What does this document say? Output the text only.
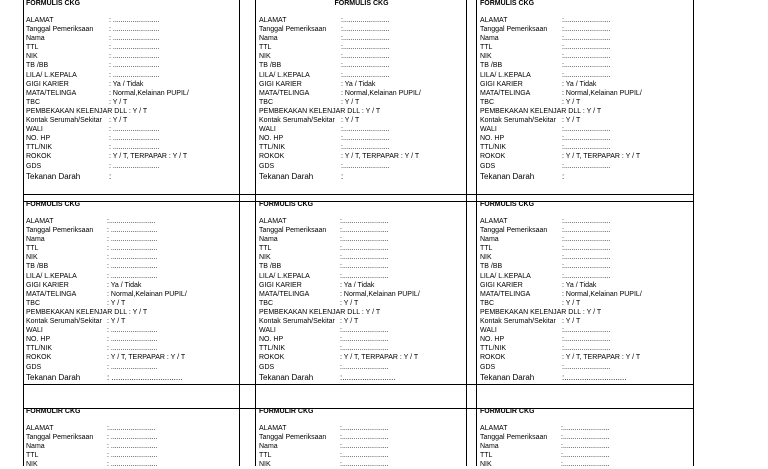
FORMULIS CKG
ALAMAT	: ........................
Tanggal Pemeriksaan : ........................
Nama	: ........................
TTL	: ........................
NIK	: ........................
TB /BB	: ........................
LILA/ L.KEPALA	: ........................
GIGI KARIER	: Ya / Tidak
MATA/TELINGA	: Normal,Kelainan PUPIL/
TBC	: Y / T
PEMBEKAKAN KELENJAR DLL : Y / T
Kontak Serumah/Sekitar : Y / T
WALI	: ........................
NO. HP	: ........................
TTL/NIK	: ........................
ROKOK	: Y / T, TERPAPAR : Y / T
GDS	: ........................
Tekanan Darah	:
FORMULIS CKG
ALAMAT	:........................
Tanggal Pemeriksaan :........................
Nama	:........................
TTL	:........................
NIK	:........................
TB /BB	:........................
LILA/ L.KEPALA	:........................
GIGI KARIER	: Ya / Tidak
MATA/TELINGA	: Normal,Kelainan PUPIL/
TBC	: Y / T
PEMBEKAKAN KELENJAR DLL : Y / T
Kontak Serumah/Sekitar : Y / T
WALI	:........................
NO. HP	:........................
TTL/NIK	:........................
ROKOK	: Y / T, TERPAPAR : Y / T
GDS	:........................
Tekanan Darah	:
FORMULIS CKG
ALAMAT	:........................
Tanggal Pemeriksaan :........................
Nama	:........................
TTL	:........................
NIK	:........................
TB /BB	:........................
LILA/ L.KEPALA	:........................
GIGI KARIER	: Ya / Tidak
MATA/TELINGA	: Normal,Kelainan PUPIL/
TBC	: Y / T
PEMBEKAKAN KELENJAR DLL : Y / T
Kontak Serumah/Sekitar : Y / T
WALI	:........................
NO. HP	:........................
TTL/NIK	:........................
ROKOK	: Y / T, TERPAPAR : Y / T
GDS	:........................
Tekanan Darah	:
FORMULIS CKG
ALAMAT	:........................
Tanggal Pemeriksaan : ........................
Nama	: ........................
TTL	: ........................
NIK	: ........................
TB /BB	: ........................
LILA/ L.KEPALA	: ........................
GIGI KARIER	: Ya / Tidak
MATA/TELINGA	: Normal,Kelainan PUPIL/
TBC	: Y / T
PEMBEKAKAN KELENJAR DLL : Y / T
Kontak Serumah/Sekitar : Y / T
WALI	: ........................
NO. HP	: ........................
TTL/NIK	: ........................
ROKOK	: Y / T, TERPAPAR : Y / T
GDS	: ........................
Tekanan Darah	: ................................
FORMULIS CKG
ALAMAT	:........................
Tanggal Pemeriksaan :........................
Nama	:........................
TTL	:........................
NIK	:........................
TB /BB	:........................
LILA/ L.KEPALA	:........................
GIGI KARIER	: Ya / Tidak
MATA/TELINGA	: Normal,Kelainan PUPIL/
TBC	: Y / T
PEMBEKAKAN KELENJAR DLL : Y / T
Kontak Serumah/Sekitar : Y / T
WALI	:........................
NO. HP	:........................
TTL/NIK	:........................
ROKOK	: Y / T, TERPAPAR : Y / T
GDS	:........................
Tekanan Darah	:........................
FORMULIS CKG
ALAMAT	:........................
Tanggal Pemeriksaan :........................
Nama	:........................
TTL	:........................
NIK	:........................
TB /BB	:........................
LILA/ L.KEPALA	:........................
GIGI KARIER	: Ya / Tidak
MATA/TELINGA	: Normal,Kelainan PUPIL/
TBC	: Y / T
PEMBEKAKAN KELENJAR DLL : Y / T
Kontak Serumah/Sekitar : Y / T
WALI	:........................
NO. HP	:........................
TTL/NIK	:........................
ROKOK	: Y / T, TERPAPAR : Y / T
GDS	:........................
Tekanan Darah	:............................
FORMULIR CKG
ALAMAT	:........................
Tanggal Pemeriksaan : ........................
Nama	: ........................
TTL	: ........................
NIK	: ........................
FORMULIR CKG
ALAMAT	:........................
Tanggal Pemeriksaan :........................
Nama	:........................
TTL	:........................
NIK	:........................
FORMULIR CKG
ALAMAT	:........................
Tanggal Pemeriksaan :........................
Nama	:........................
TTL	:........................
NIK	:........................
